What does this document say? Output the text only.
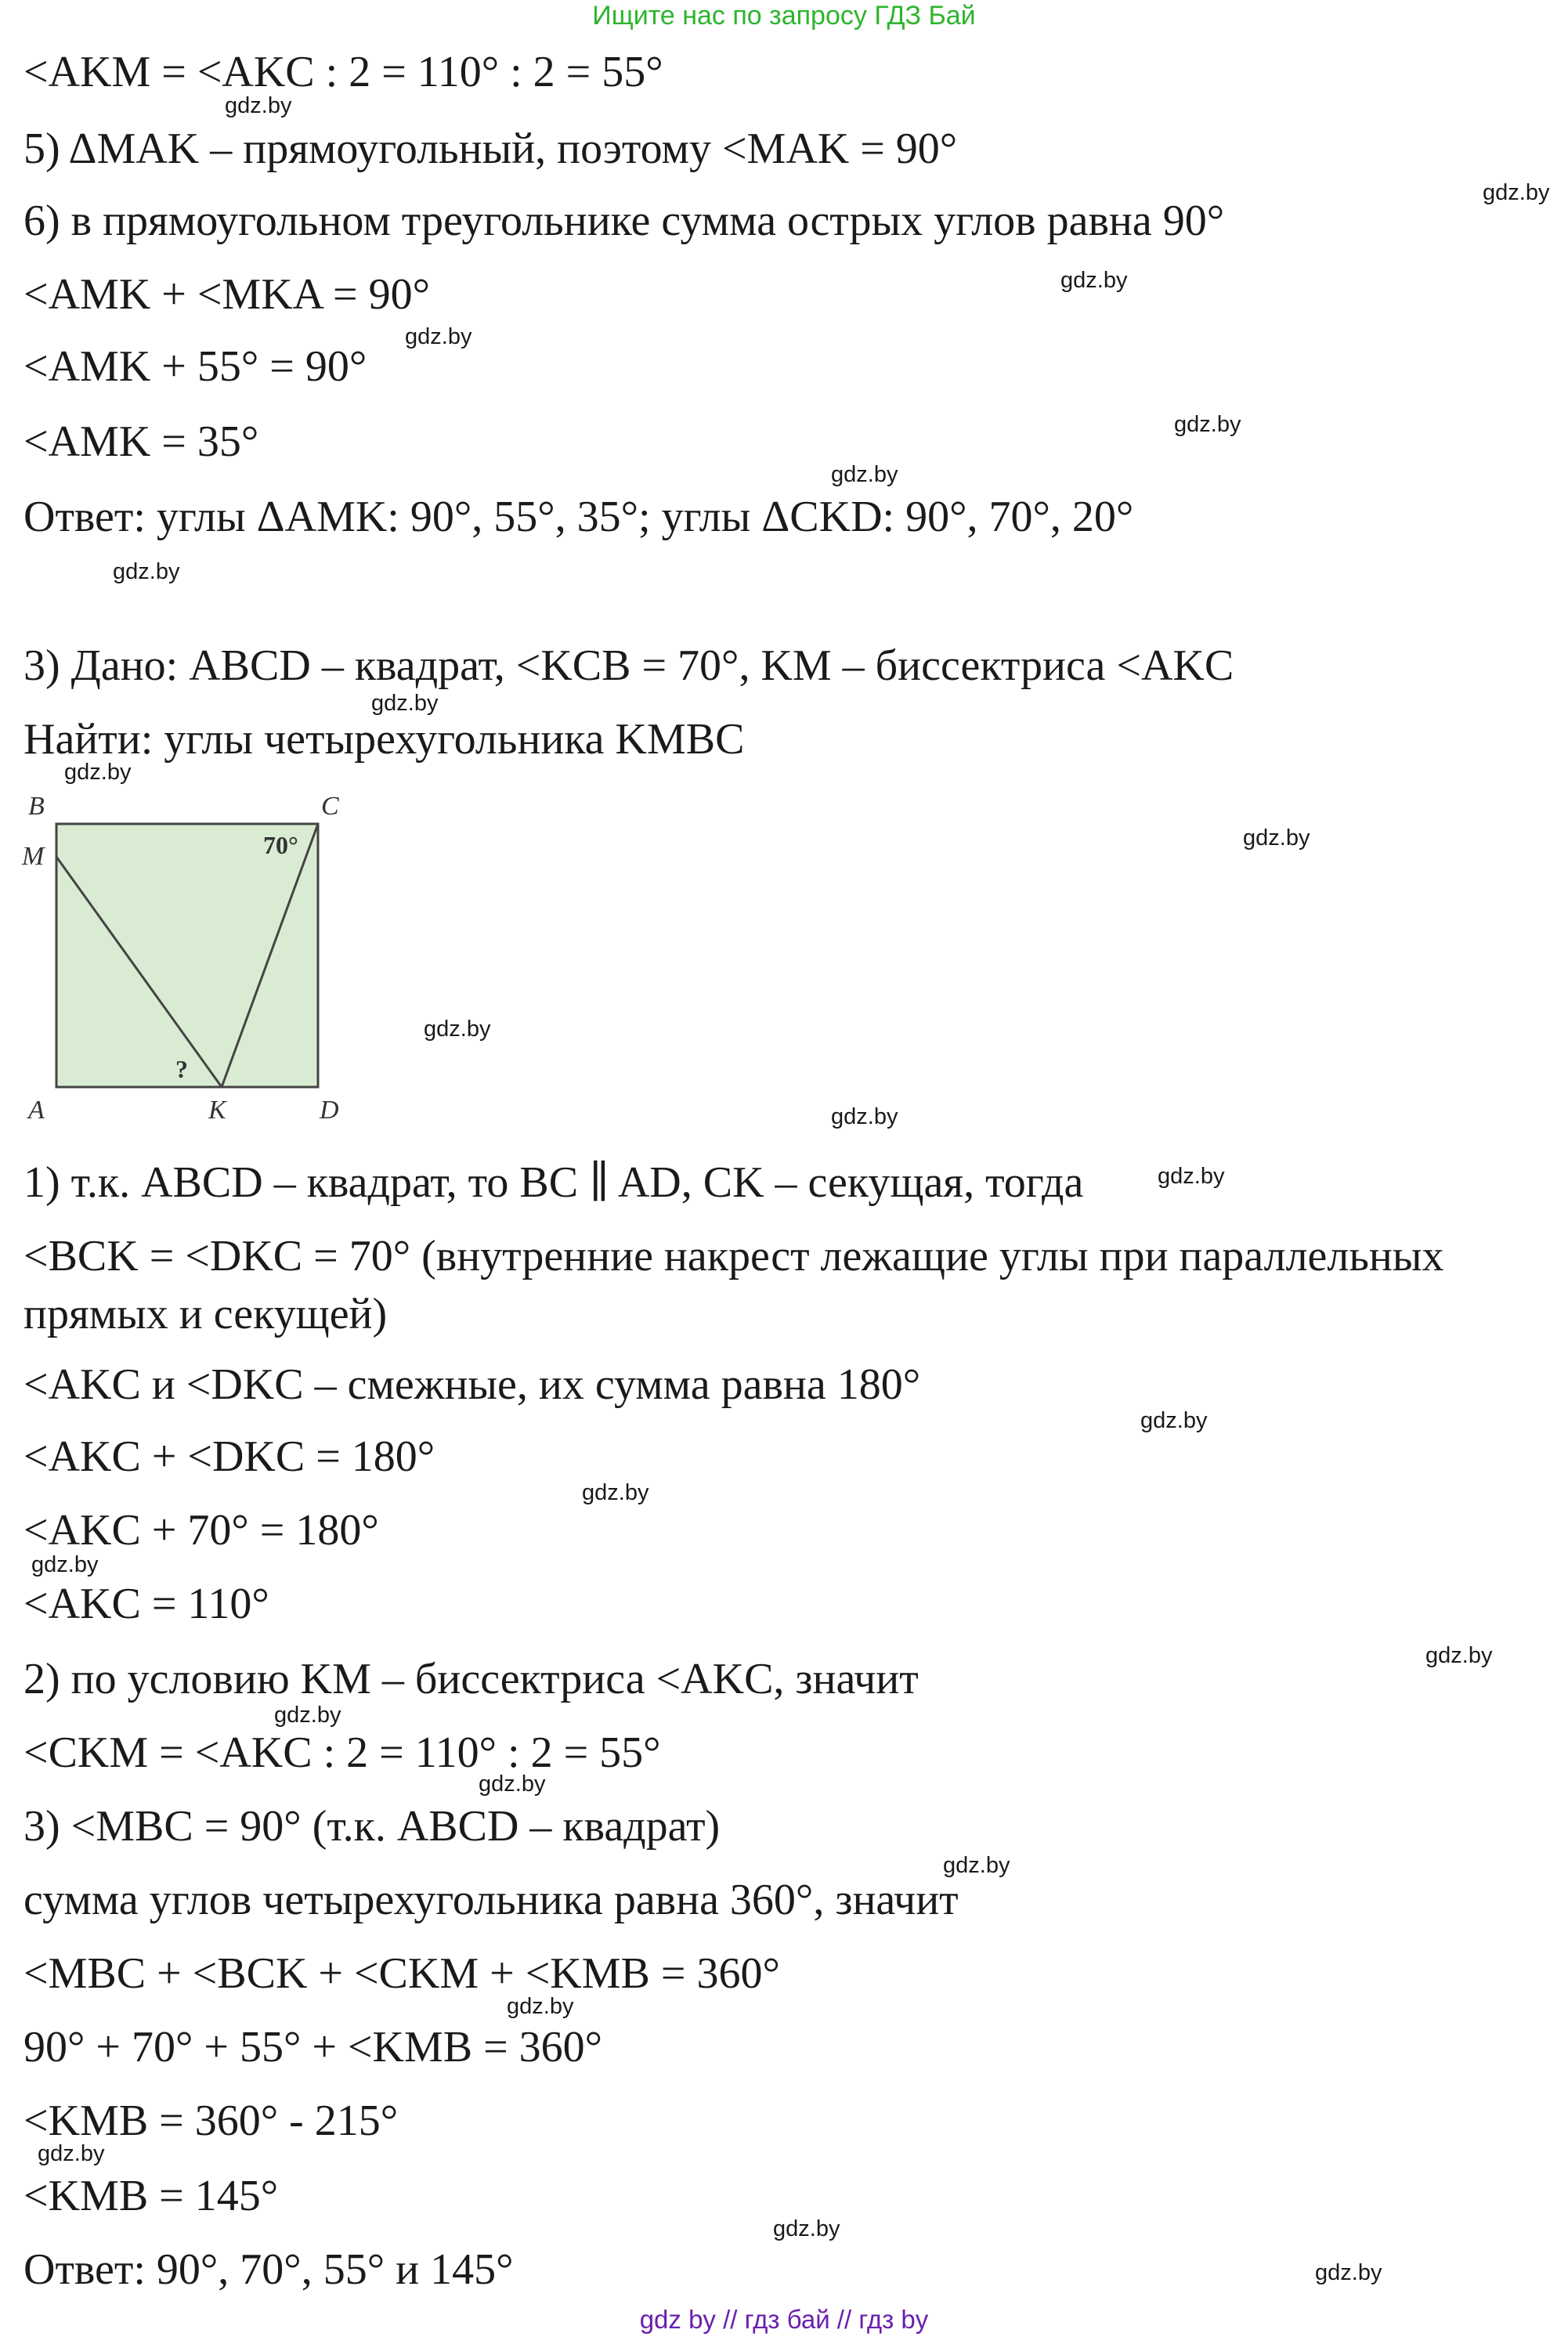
Ищите нас по запросу ГДЗ Бай
<AKM = <AKC : 2 = 110° : 2 = 55°
5) ΔMAK – прямоугольный, поэтому <MAK = 90°
6) в прямоугольном треугольнике сумма острых углов равна 90°
<AMK + <MKA = 90°
<AMK + 55° = 90°
<AMK = 35°
Ответ: углы ΔAMK: 90°, 55°, 35°; углы ΔCKD: 90°, 70°, 20°
3) Дано: ABCD – квадрат, <KCB = 70°, KM – биссектриса <AKC
Найти: углы четырехугольника KMBC
1) т.к. ABCD – квадрат, то BC ∥ AD, CK – секущая, тогда
<BCK = <DKC = 70° (внутренние накрест лежащие углы при параллельных
прямых и секущей)
<AKC и <DKC – смежные, их сумма равна 180°
<AKC + <DKC = 180°
<AKC + 70° = 180°
<AKC = 110°
2) по условию KM – биссектриса <AKC, значит
<CKM = <AKC : 2 = 110° : 2 = 55°
3) <MBC = 90° (т.к. ABCD – квадрат)
сумма углов четырехугольника равна 360°, значит
<MBC + <BCK + <CKM + <KMB = 360°
90° + 70° + 55° + <KMB = 360°
<KMB = 360° - 215°
<KMB = 145°
Ответ: 90°, 70°, 55° и 145°
B	C
M
A	K	D
70°
?
gdz.by
gdz.by
gdz.by
gdz.by
gdz.by
gdz.by
gdz.by
gdz.by
gdz.by
gdz.by
gdz.by
gdz.by
gdz.by
gdz.by
gdz.by
gdz.by
gdz.by
gdz.by
gdz.by
gdz.by
gdz.by
gdz.by
gdz.by
gdz.by
gdz by // гдз бай // гдз by
